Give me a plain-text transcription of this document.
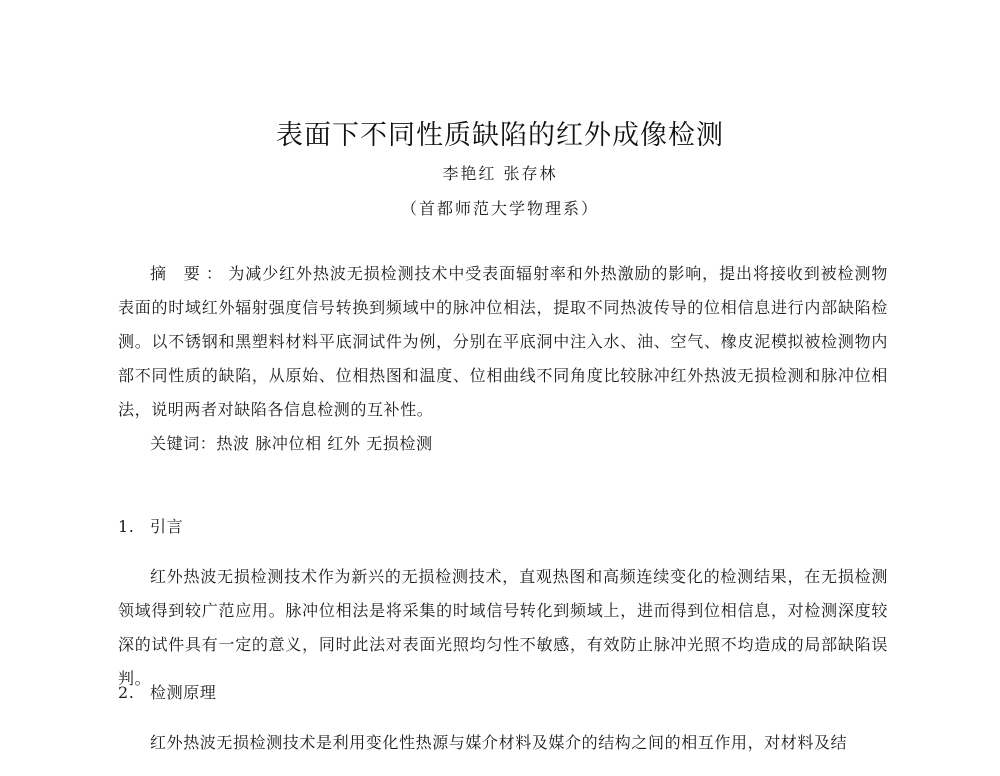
表面下不同性质缺陷的红外成像检测
李艳红 张存林
（首都师范大学物理系）

摘 要：为减少红外热波无损检测技术中受表面辐射率和外热激励的影响，提出将接收到被检测物表面的时域红外辐射强度信号转换到频域中的脉冲位相法，提取不同热波传导的位相信息进行内部缺陷检测。以不锈钢和黑塑料材料平底洞试件为例，分别在平底洞中注入水、油、空气、橡皮泥模拟被检测物内部不同性质的缺陷，从原始、位相热图和温度、位相曲线不同角度比较脉冲红外热波无损检测和脉冲位相法，说明两者对缺陷各信息检测的互补性。

关键词：热波 脉冲位相 红外 无损检测

1. 引言

红外热波无损检测技术作为新兴的无损检测技术，直观热图和高频连续变化的检测结果，在无损检测领域得到较广范应用。脉冲位相法是将采集的时域信号转化到频域上，进而得到位相信息，对检测深度较深的试件具有一定的意义，同时此法对表面光照均匀性不敏感，有效防止脉冲光照不均造成的局部缺陷误判。

2. 检测原理

红外热波无损检测技术是利用变化性热源与媒介材料及媒介的结构之间的相互作用，对材料及结
